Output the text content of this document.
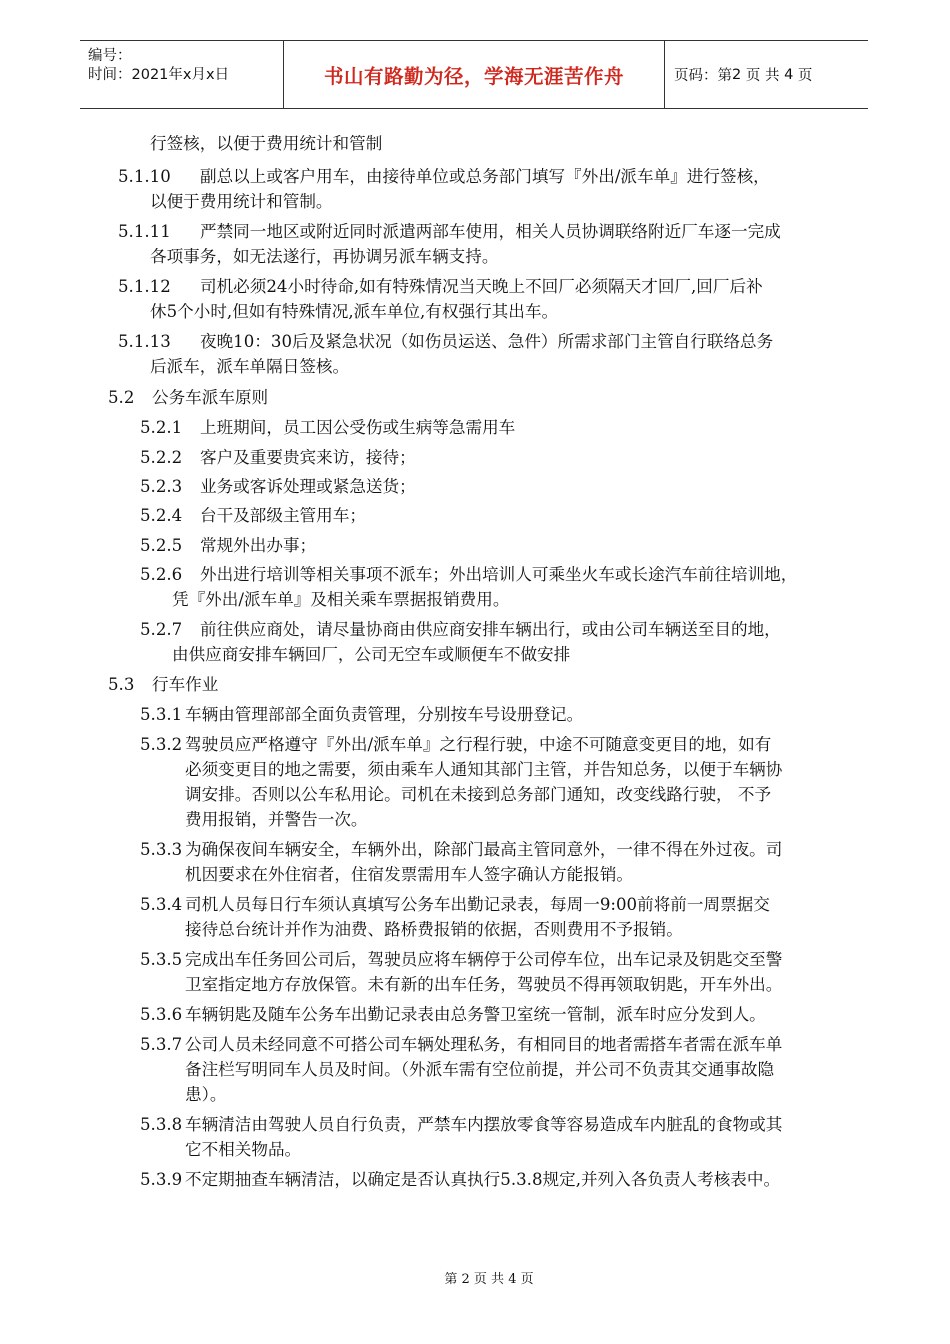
编号：
时间：2021年x月x日	书山有路勤为径，学海无涯苦作舟	页码：第 2
页 共
4
页
行签核，以便于费用统计和管制
5.1.10 副总以上或客户用车，由接待单位或总务部门填写『外出/派车单』进行签核，
以便于费用统计和管制。
5.1.11 严禁同一地区或附近同时派遣两部车使用，相关人员协调联络附近厂车逐一完成
各项事务，如无法遂行，再协调另派车辆支持。
5.1.12 司机必须24小时待命,如有特殊情况当天晚上不回厂必须隔天才回厂,回厂后补
休5个小时,但如有特殊情况,派车单位,有权强行其出车。
5.1.13 夜晚10：30后及紧急状况（如伤员运送、急件）所需求部门主管自行联络总务
后派车，派车单隔日签核。
5.2 公务车派车原则
5.2.1 上班期间，员工因公受伤或生病等急需用车
5.2.2 客户及重要贵宾来访，接待；
5.2.3 业务或客诉处理或紧急送货；
5.2.4 台干及部级主管用车；
5.2.5 常规外出办事；
5.2.6 外出进行培训等相关事项不派车；外出培训人可乘坐火车或长途汽车前往培训地，
凭『外出/派车单』及相关乘车票据报销费用。
5.2.7 前往供应商处，请尽量协商由供应商安排车辆出行，或由公司车辆送至目的地，
由供应商安排车辆回厂，公司无空车或顺便车不做安排
5.3 行车作业
5.3.1 车辆由管理部部全面负责管理，分别按车号设册登记。
5.3.2 驾驶员应严格遵守『外出/派车单』之行程行驶，中途不可随意变更目的地，如有
必须变更目的地之需要，须由乘车人通知其部门主管，并告知总务，以便于车辆协
调安排。否则以公车私用论。司机在未接到总务部门通知，改变线路行驶， 不予
费用报销，并警告一次。
5.3.3 为确保夜间车辆安全，车辆外出，除部门最高主管同意外，一律不得在外过夜。司
机因要求在外住宿者，住宿发票需用车人签字确认方能报销。
5.3.4 司机人员每日行车须认真填写公务车出勤记录表，每周一9:00前将前一周票据交
接待总台统计并作为油费、路桥费报销的依据，否则费用不予报销。
5.3.5 完成出车任务回公司后，驾驶员应将车辆停于公司停车位，出车记录及钥匙交至警
卫室指定地方存放保管。未有新的出车任务，驾驶员不得再领取钥匙，开车外出。
5.3.6 车辆钥匙及随车公务车出勤记录表由总务警卫室统一管制，派车时应分发到人。
5.3.7 公司人员未经同意不可搭公司车辆处理私务，有相同目的地者需搭车者需在派车单
备注栏写明同车人员及时间。（外派车需有空位前提，并公司不负责其交通事故隐
患）。
5.3.8 车辆清洁由驾驶人员自行负责，严禁车内摆放零食等容易造成车内脏乱的食物或其
它不相关物品。
5.3.9 不定期抽查车辆清洁，以确定是否认真执行5.3.8规定,并列入各负责人考核表中。
第 2 页 共 4 页
